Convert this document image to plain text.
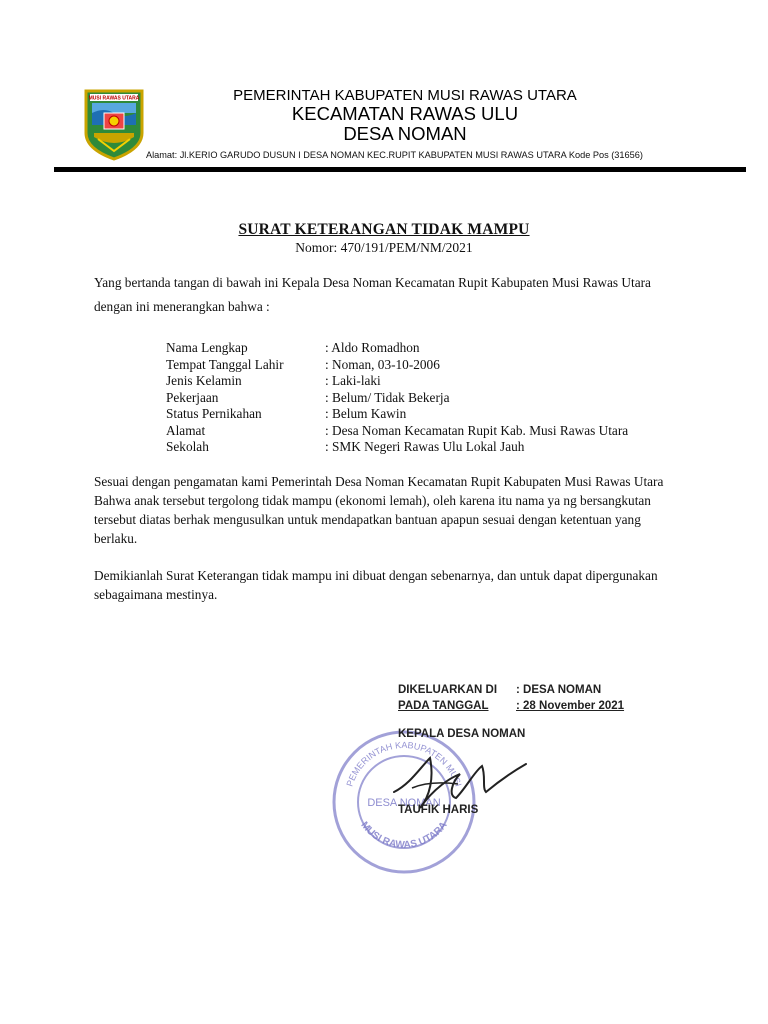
MUSI RAWAS UTARA	PEMERINTAH KABUPATEN MUSI RAWAS UTARA
KECAMATAN RAWAS ULU
DESA NOMAN
Alamat: Jl.KERIO GARUDO DUSUN I DESA NOMAN KEC.RUPIT KABUPATEN MUSI RAWAS UTARA Kode Pos (31656)
SURAT KETERANGAN TIDAK MAMPU
Nomor: 470/191/PEM/NM/2021
Yang bertanda tangan di bawah ini Kepala Desa Noman Kecamatan Rupit Kabupaten Musi Rawas Utara dengan ini menerangkan bahwa :
Nama Lengkap	: Aldo Romadhon
Tempat Tanggal Lahir	: Noman, 03-10-2006
Jenis Kelamin	: Laki-laki
Pekerjaan	: Belum/ Tidak Bekerja
Status Pernikahan	: Belum Kawin
Alamat	: Desa Noman Kecamatan Rupit Kab. Musi Rawas Utara
Sekolah	: SMK Negeri Rawas Ulu Lokal Jauh
Sesuai dengan pengamatan kami Pemerintah Desa Noman Kecamatan Rupit Kabupaten Musi Rawas Utara Bahwa anak tersebut tergolong tidak mampu (ekonomi lemah), oleh karena itu nama ya ng bersangkutan tersebut diatas berhak mengusulkan untuk mendapatkan bantuan apapun sesuai dengan ketentuan yang berlaku.
Demikianlah Surat Keterangan tidak mampu ini dibuat dengan sebenarnya, dan untuk dapat dipergunakan sebagaimana mestinya.
PEMERINTAH KABUPATEN MUSI
DESA NOMAN
MUSI RAWAS UTARA
DIKELUARKAN DI : DESA NOMAN
PADA TANGGAL : 28 November 2021
KEPALA DESA NOMAN
TAUFIK HARIS
